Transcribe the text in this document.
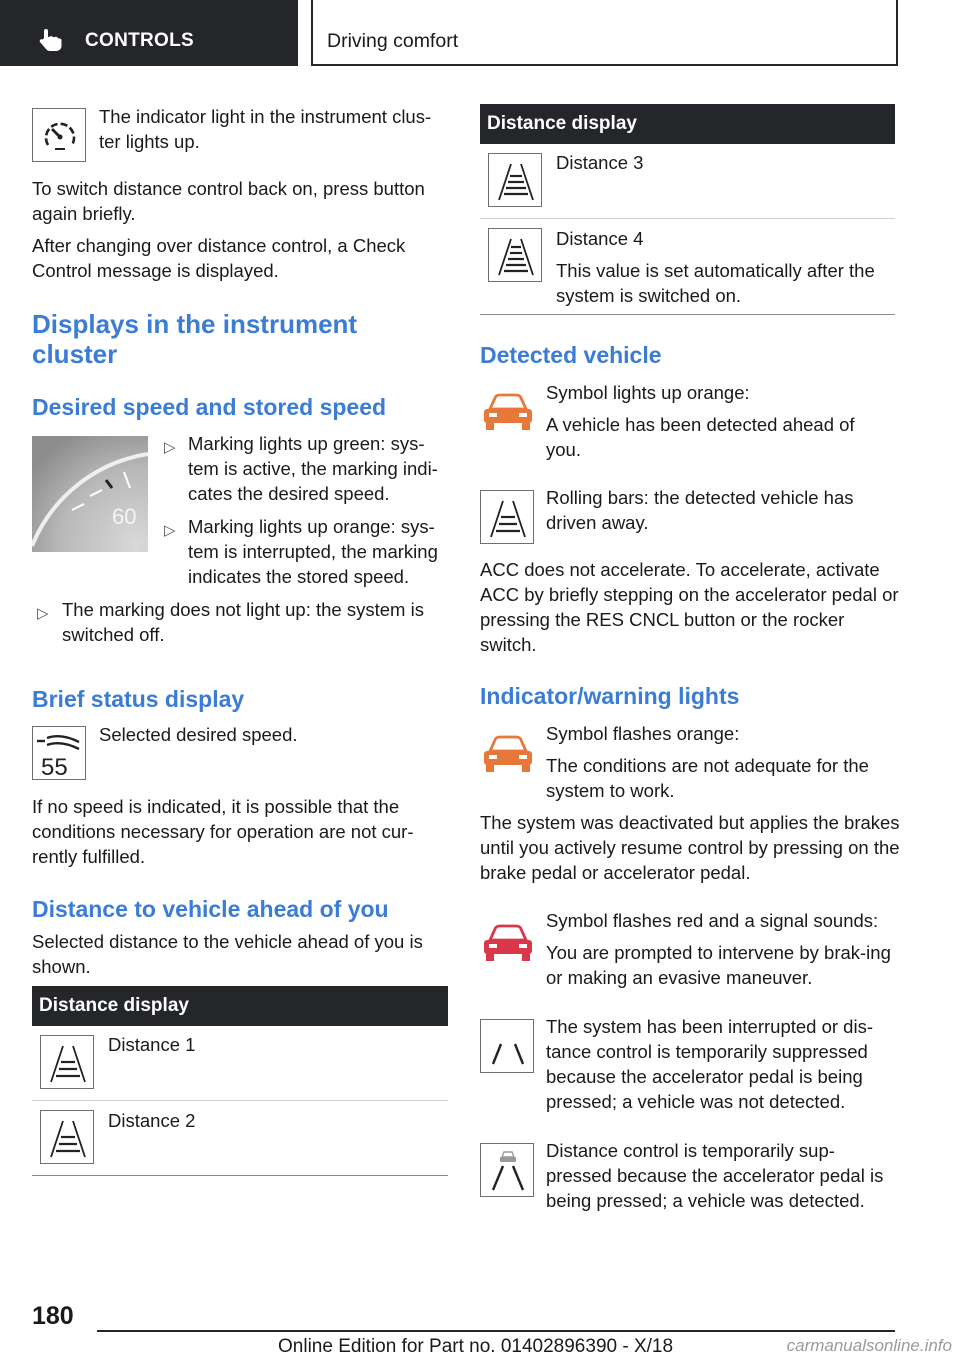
CONTROLS	Driving comfort

The indicator light in the instrument clus-ter lights up.

To switch distance control back on, press button again briefly.

After changing over distance control, a Check Control message is displayed.

Displays in the instrument cluster
Desired speed and stored speed
60
▷ Marking lights up green: sys-tem is active, the marking indi-cates the desired speed.

▷ Marking lights up orange: sys-tem is interrupted, the marking indicates the stored speed.

▷ The marking does not light up: the system is switched off.

Brief status display
55

Selected desired speed.

If no speed is indicated, it is possible that the conditions necessary for operation are not cur-rently fulfilled.

Distance to vehicle ahead of you

Selected distance to the vehicle ahead of you is shown.

Distance display

Distance 1

Distance 2

Distance display

Distance 3

Distance 4

This value is set automatically after the system is switched on.

Detected vehicle

Symbol lights up orange:

A vehicle has been detected ahead of you.

Rolling bars: the detected vehicle has driven away.

ACC does not accelerate. To accelerate, activate ACC by briefly stepping on the accelerator pedal or pressing the RES CNCL button or the rocker switch.

Indicator/warning lights

Symbol flashes orange:

The conditions are not adequate for the system to work.

The system was deactivated but applies the brakes until you actively resume control by pressing on the brake pedal or accelerator pedal.

Symbol flashes red and a signal sounds:

You are prompted to intervene by brak-ing or making an evasive maneuver.

The system has been interrupted or dis-tance control is temporarily suppressed because the accelerator pedal is being pressed; a vehicle was not detected.

Distance control is temporarily sup-pressed because the accelerator pedal is being pressed; a vehicle was detected.

180
Online Edition for Part no. 01402896390 - X/18	carmanualsonline.info
